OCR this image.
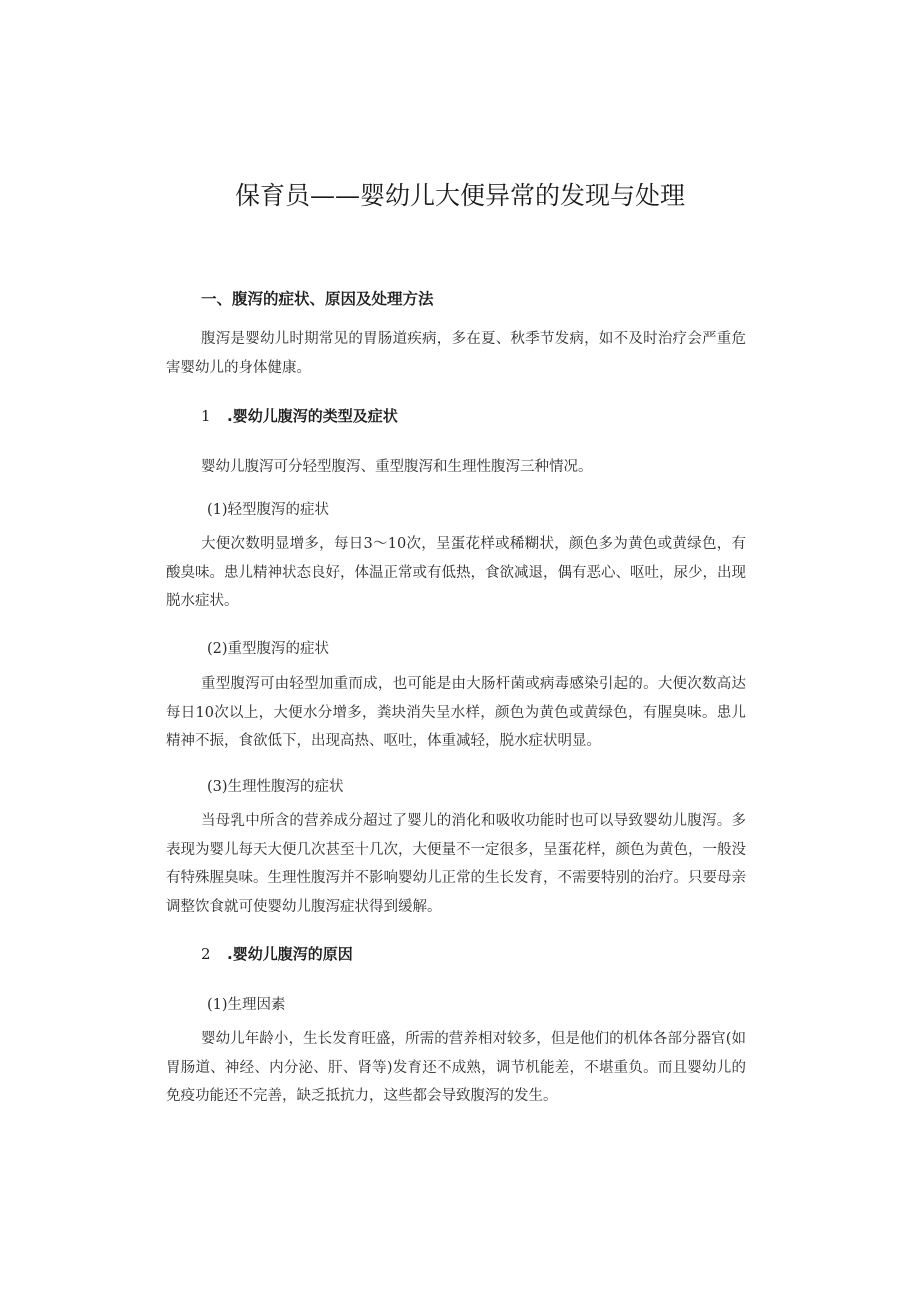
保育员——婴幼儿大便异常的发现与处理
一、腹泻的症状、原因及处理方法

腹泻是婴幼儿时期常见的胃肠道疾病，多在夏、秋季节发病，如不及时治疗会严重危害婴幼儿的身体健康。

1 .婴幼儿腹泻的类型及症状
婴幼儿腹泻可分轻型腹泻、重型腹泻和生理性腹泻三种情况。
(1)轻型腹泻的症状

大便次数明显增多，每日3～10次，呈蛋花样或稀糊状，颜色多为黄色或黄绿色，有酸臭味。患儿精神状态良好，体温正常或有低热，食欲减退，偶有恶心、呕吐，尿少，出现脱水症状。

(2)重型腹泻的症状

重型腹泻可由轻型加重而成，也可能是由大肠杆菌或病毒感染引起的。大便次数高达每日10次以上，大便水分增多，粪块消失呈水样，颜色为黄色或黄绿色，有腥臭味。患儿精神不振，食欲低下，出现高热、呕吐，体重减轻，脱水症状明显。

(3)生理性腹泻的症状

当母乳中所含的营养成分超过了婴儿的消化和吸收功能时也可以导致婴幼儿腹泻。多表现为婴儿每天大便几次甚至十几次，大便量不一定很多，呈蛋花样，颜色为黄色，一般没有特殊腥臭味。生理性腹泻并不影响婴幼儿正常的生长发育，不需要特别的治疗。只要母亲调整饮食就可使婴幼儿腹泻症状得到缓解。

2 .婴幼儿腹泻的原因
(1)生理因素

婴幼儿年龄小，生长发育旺盛，所需的营养相对较多，但是他们的机体各部分器官(如胃肠道、神经、内分泌、肝、肾等)发育还不成熟，调节机能差，不堪重负。而且婴幼儿的免疫功能还不完善，缺乏抵抗力，这些都会导致腹泻的发生。
